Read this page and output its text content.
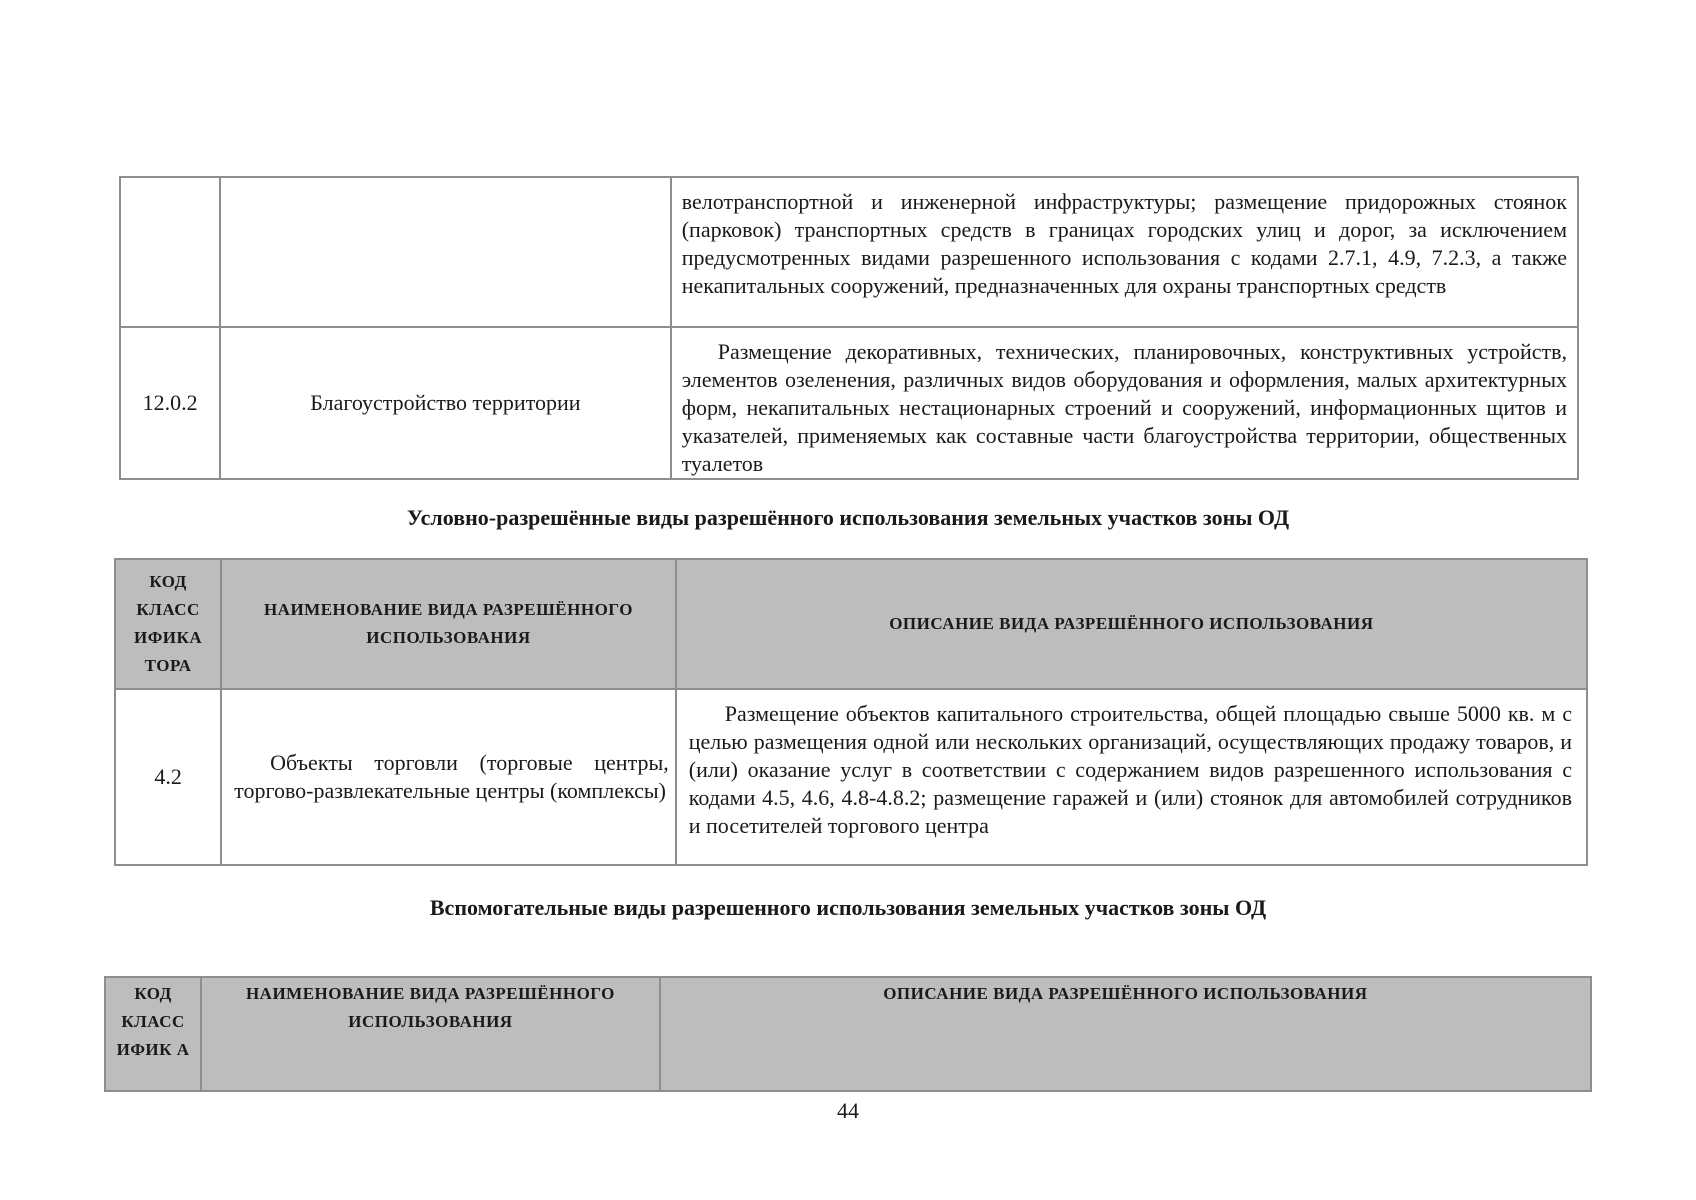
		велотранспортной и инженерной инфраструктуры; размещение придорожных стоянок (парковок) транспортных средств в границах городских улиц и дорог, за исключением предусмотренных видами разрешенного использования с кодами 2.7.1, 4.9, 7.2.3, а также некапитальных сооружений, предназначенных для охраны транспортных средств
12.0.2	Благоустройство территории	Размещение декоративных, технических, планировочных, конструктивных устройств, элементов озеленения, различных видов оборудования и оформления, малых архитектурных форм, некапитальных нестационарных строений и сооружений, информационных щитов и указателей, применяемых как составные части благоустройства территории, общественных туалетов
Условно-разрешённые виды разрешённого использования земельных участков зоны ОД
КОД КЛАСС ИФИКА ТОРА	НАИМЕНОВАНИЕ ВИДА РАЗРЕШЁННОГО ИСПОЛЬЗОВАНИЯ	ОПИСАНИЕ ВИДА РАЗРЕШЁННОГО ИСПОЛЬЗОВАНИЯ
4.2	Объекты торговли (торговые центры, торгово-развлекательные центры (комплексы)	Размещение объектов капитального строительства, общей площадью свыше 5000 кв. м с целью размещения одной или нескольких организаций, осуществляющих продажу товаров, и (или) оказание услуг в соответствии с содержанием видов разрешенного использования с кодами 4.5, 4.6, 4.8-4.8.2; размещение гаражей и (или) стоянок для автомобилей сотрудников и посетителей торгового центра
Вспомогательные виды разрешенного использования земельных участков зоны ОД
КОД КЛАСС ИФИК А	НАИМЕНОВАНИЕ ВИДА РАЗРЕШЁННОГО ИСПОЛЬЗОВАНИЯ	ОПИСАНИЕ ВИДА РАЗРЕШЁННОГО ИСПОЛЬЗОВАНИЯ
44
